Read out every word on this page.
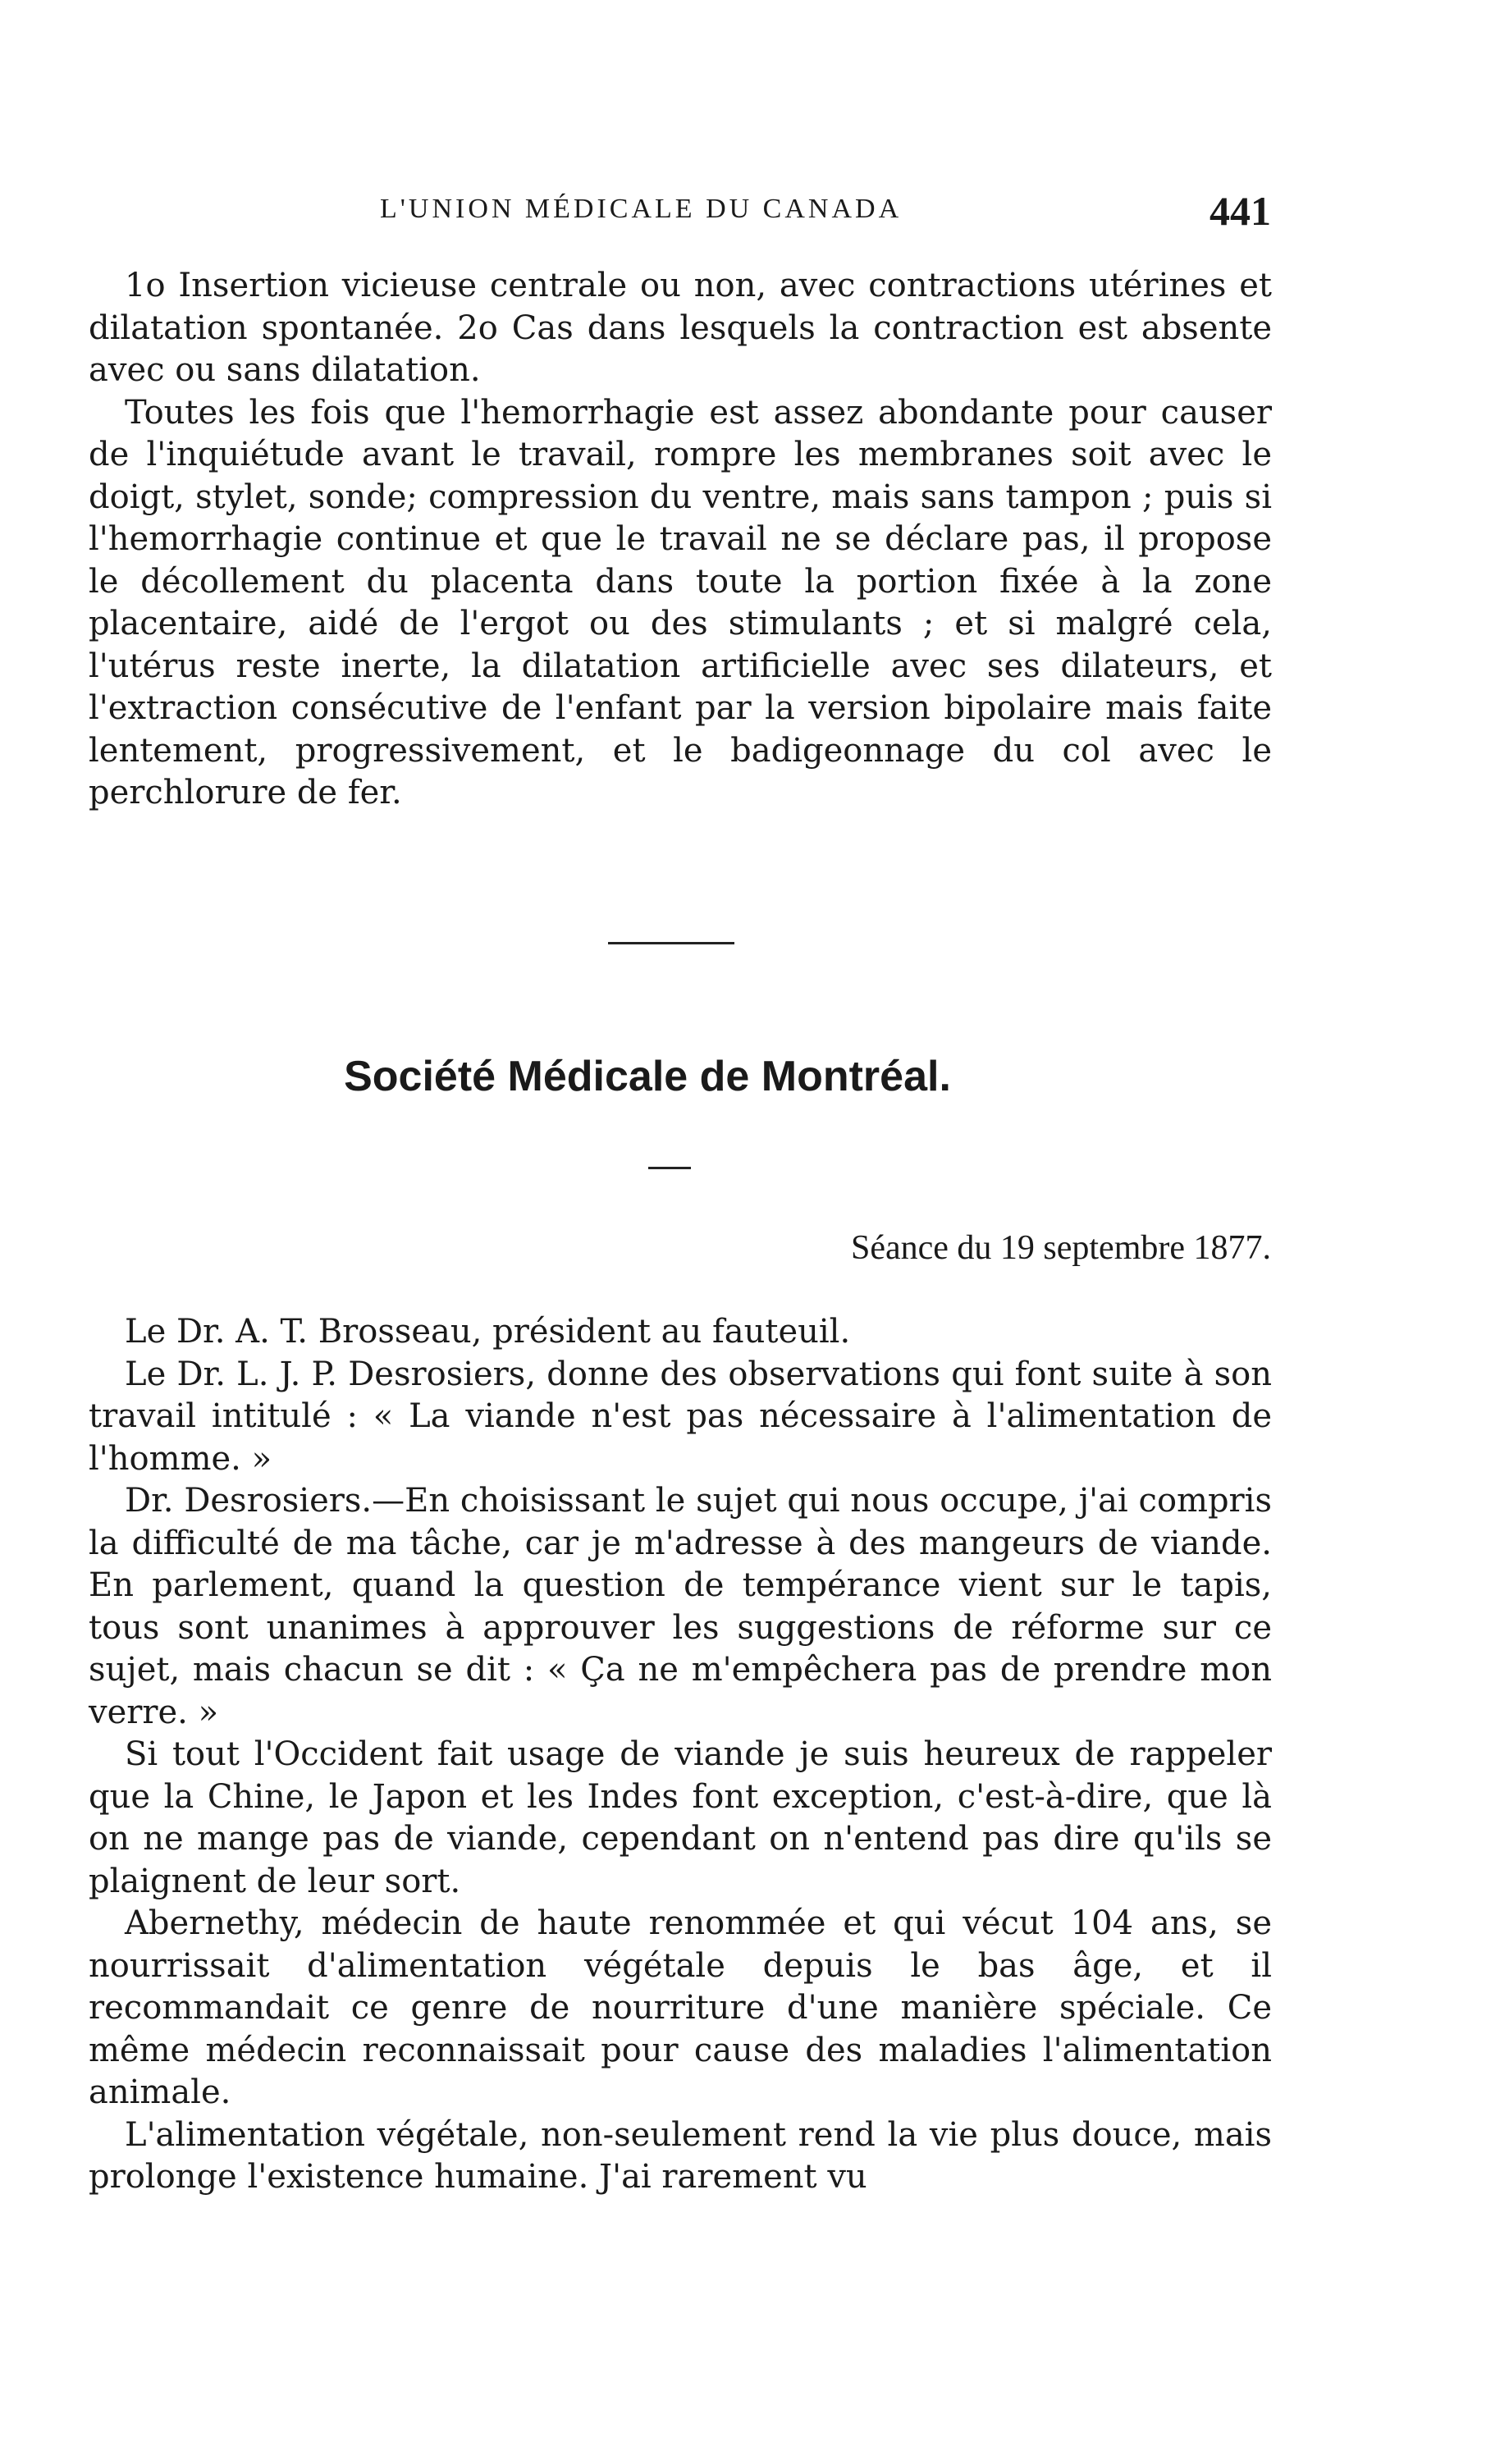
L'UNION MÉDICALE DU CANADA	441

1o Insertion vicieuse centrale ou non, avec contractions utérines et dilatation spontanée. 2o Cas dans lesquels la contraction est absente avec ou sans dilatation.

Toutes les fois que l'hemorrhagie est assez abondante pour causer de l'inquiétude avant le travail, rompre les membranes soit avec le doigt, stylet, sonde; compression du ventre, mais sans tampon ; puis si l'hemorrhagie continue et que le travail ne se déclare pas, il propose le décollement du placenta dans toute la portion fixée à la zone placentaire, aidé de l'ergot ou des stimulants ; et si malgré cela, l'utérus reste inerte, la dilatation artificielle avec ses dilateurs, et l'extraction consécutive de l'enfant par la version bipolaire mais faite lentement, progressivement, et le badigeonnage du col avec le perchlorure de fer.

Société Médicale de Montréal.
Séance du 19 septembre 1877.

Le Dr. A. T. Brosseau, président au fauteuil.

Le Dr. L. J. P. Desrosiers, donne des observations qui font suite à son travail intitulé : « La viande n'est pas nécessaire à l'alimentation de l'homme. »

Dr. Desrosiers.—En choisissant le sujet qui nous occupe, j'ai compris la difficulté de ma tâche, car je m'adresse à des mangeurs de viande. En parlement, quand la question de tempérance vient sur le tapis, tous sont unanimes à approuver les suggestions de réforme sur ce sujet, mais chacun se dit : « Ça ne m'empêchera pas de prendre mon verre. »

Si tout l'Occident fait usage de viande je suis heureux de rappeler que la Chine, le Japon et les Indes font exception, c'est-à-dire, que là on ne mange pas de viande, cependant on n'entend pas dire qu'ils se plaignent de leur sort.

Abernethy, médecin de haute renommée et qui vécut 104 ans, se nourrissait d'alimentation végétale depuis le bas âge, et il recommandait ce genre de nourriture d'une manière spéciale. Ce même médecin reconnaissait pour cause des maladies l'alimentation animale.

L'alimentation végétale, non-seulement rend la vie plus douce, mais prolonge l'existence humaine. J'ai rarement vu
